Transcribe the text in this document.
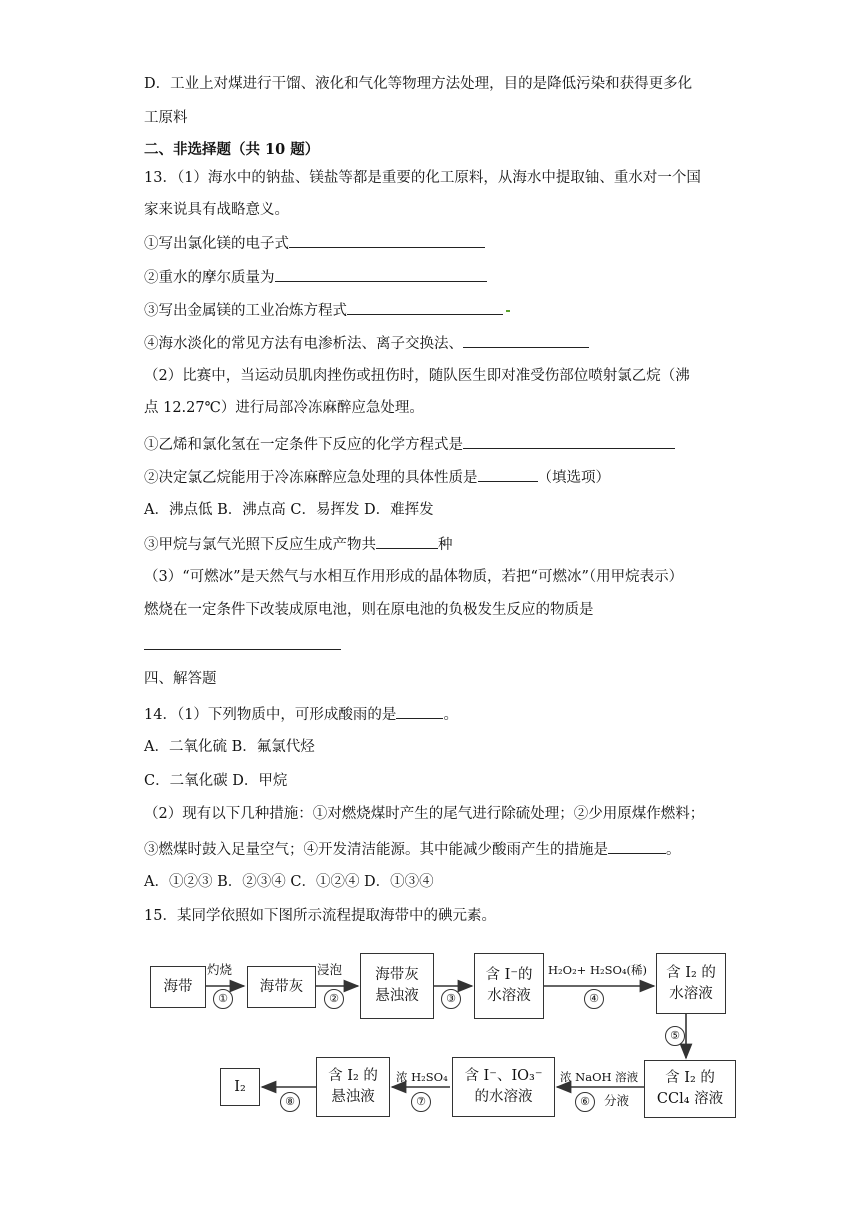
D．工业上对煤进行干馏、液化和气化等物理方法处理，目的是降低污染和获得更多化
工原料
二、非选择题（共 10 题）
13．（1）海水中的钠盐、镁盐等都是重要的化工原料，从海水中提取铀、重水对一个国
家来说具有战略意义。
①写出氯化镁的电子式
②重水的摩尔质量为
③写出金属镁的工业冶炼方程式
④海水淡化的常见方法有电渗析法、离子交换法、
（2）比赛中，当运动员肌肉挫伤或扭伤时，随队医生即对准受伤部位喷射氯乙烷（沸
点 12.27℃）进行局部冷冻麻醉应急处理。
①乙烯和氯化氢在一定条件下反应的化学方程式是
②决定氯乙烷能用于冷冻麻醉应急处理的具体性质是	（填选项）
A．沸点低 B．沸点高 C．易挥发 D．难挥发
③甲烷与氯气光照下反应生成产物共	种
（3）“可燃冰”是天然气与水相互作用形成的晶体物质，若把“可燃冰”（用甲烷表示）
燃烧在一定条件下改装成原电池，则在原电池的负极发生反应的物质是
四、解答题
14．（1）下列物质中，可形成酸雨的是	。
A．二氧化硫 B．氟氯代烃
C．二氧化碳 D．甲烷
（2）现有以下几种措施：①对燃烧煤时产生的尾气进行除硫处理；②少用原煤作燃料；
③燃煤时鼓入足量空气；④开发清洁能源。其中能减少酸雨产生的措施是	。
A．①②③ B．②③④ C．①②④ D．①③④
15．某同学依照如下图所示流程提取海带中的碘元素。
海带	海带灰
海带灰
悬浊液
含 I⁻的
水溶液
含 I₂ 的
水溶液
含 I₂ 的
CCl₄ 溶液
含 I⁻、IO₃⁻
的水溶液
含 I₂ 的
悬浊液
I₂
灼烧	浸泡	H₂O₂+ H₂SO₄(稀)
浓 NaOH 溶液
分液
浓 H₂SO₄
①	②	③	④
⑤
⑥
⑦
⑧
